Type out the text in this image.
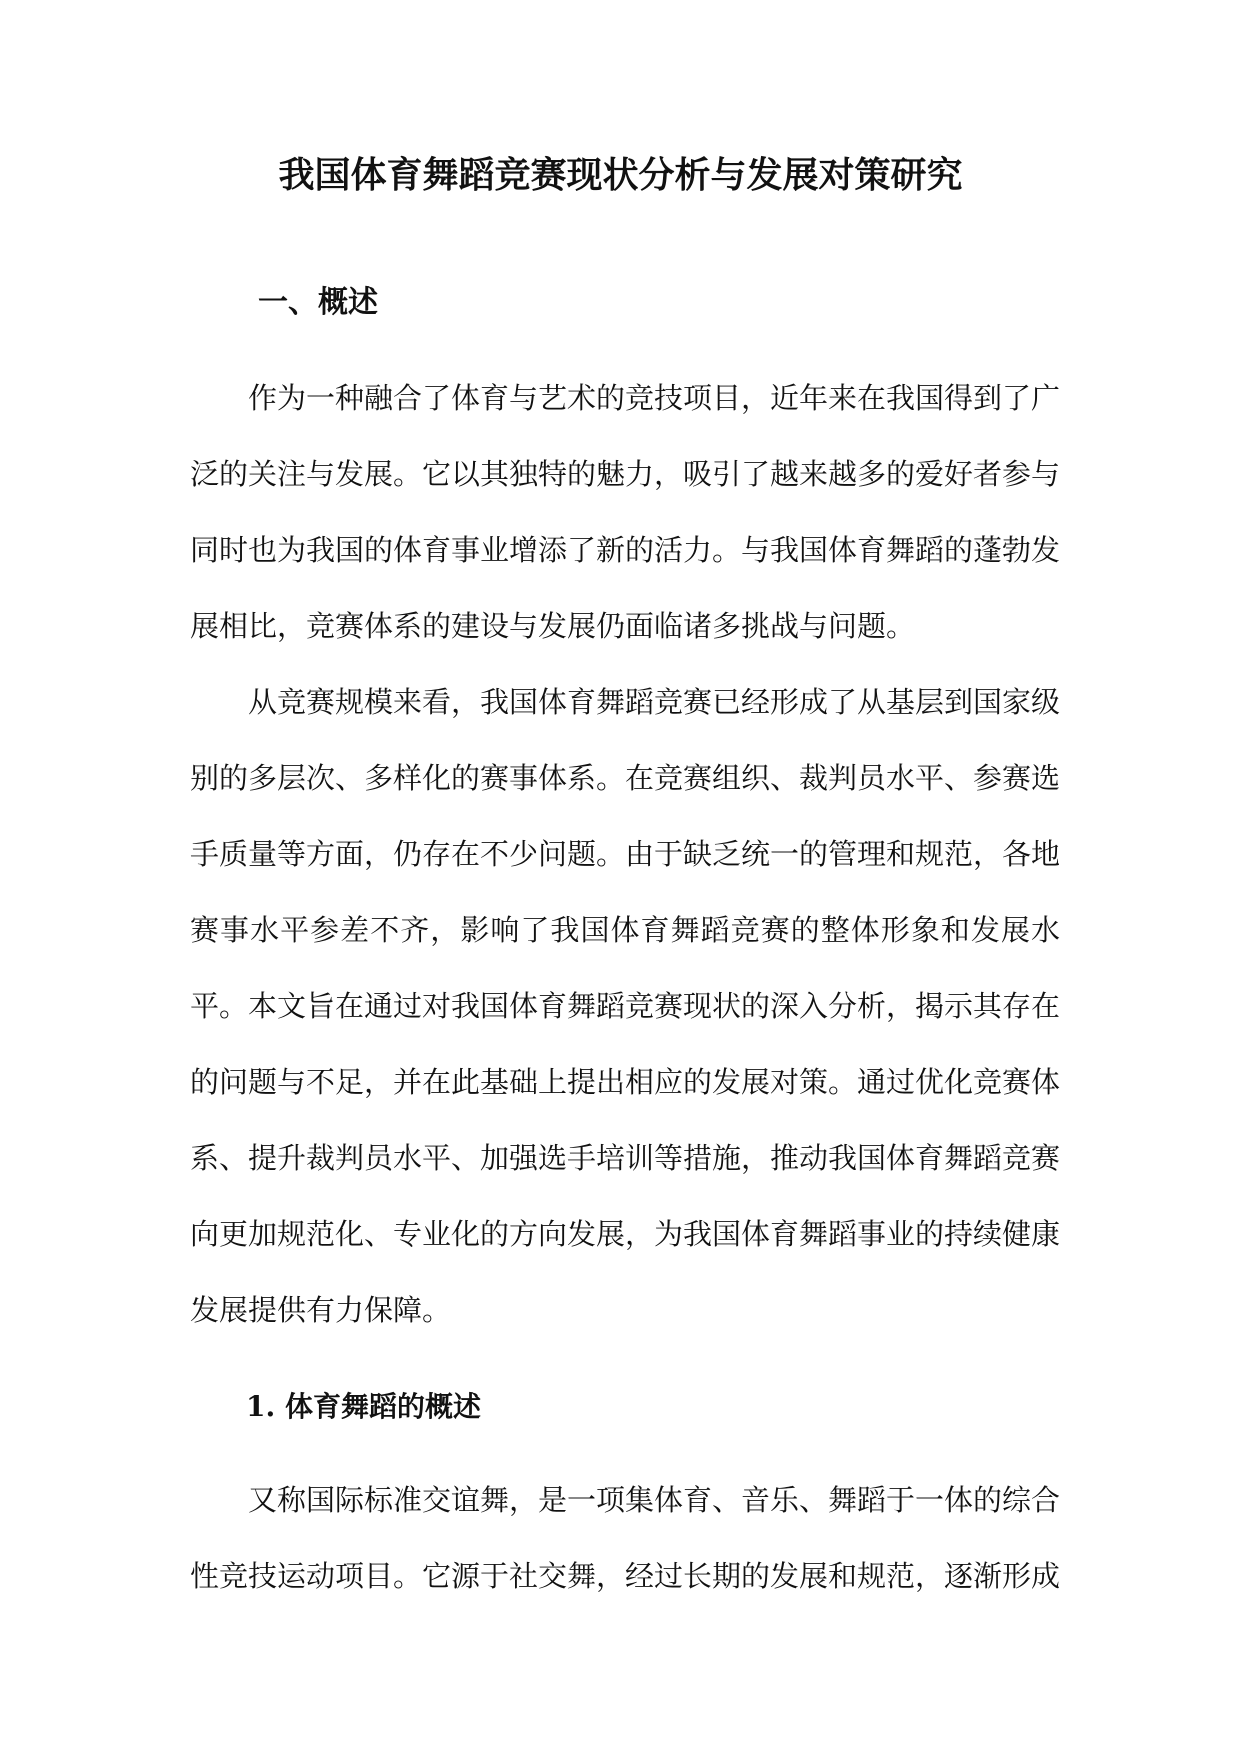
我国体育舞蹈竞赛现状分析与发展对策研究
一、概述

作为一种融合了体育与艺术的竞技项目，近年来在我国得到了广泛的关注与发展。它以其独特的魅力，吸引了越来越多的爱好者参与同时也为我国的体育事业增添了新的活力。与我国体育舞蹈的蓬勃发展相比，竞赛体系的建设与发展仍面临诸多挑战与问题。

从竞赛规模来看，我国体育舞蹈竞赛已经形成了从基层到国家级别的多层次、多样化的赛事体系。在竞赛组织、裁判员水平、参赛选手质量等方面，仍存在不少问题。由于缺乏统一的管理和规范，各地赛事水平参差不齐，影响了我国体育舞蹈竞赛的整体形象和发展水平。 本文旨在通过对我国体育舞蹈竞赛现状的深入分析，揭示其存在的问题与不足，并在此基础上提出相应的发展对策。通过优化竞赛体系、提升裁判员水平、加强选手培训等措施，推动我国体育舞蹈竞赛向更加规范化、专业化的方向发展，为我国体育舞蹈事业的持续健康发展提供有力保障。

1. 体育舞蹈的概述

又称国际标准交谊舞，是一项集体育、音乐、舞蹈于一体的综合性竞技运动项目。它源于社交舞，经过长期的发展和规范，逐渐形成
